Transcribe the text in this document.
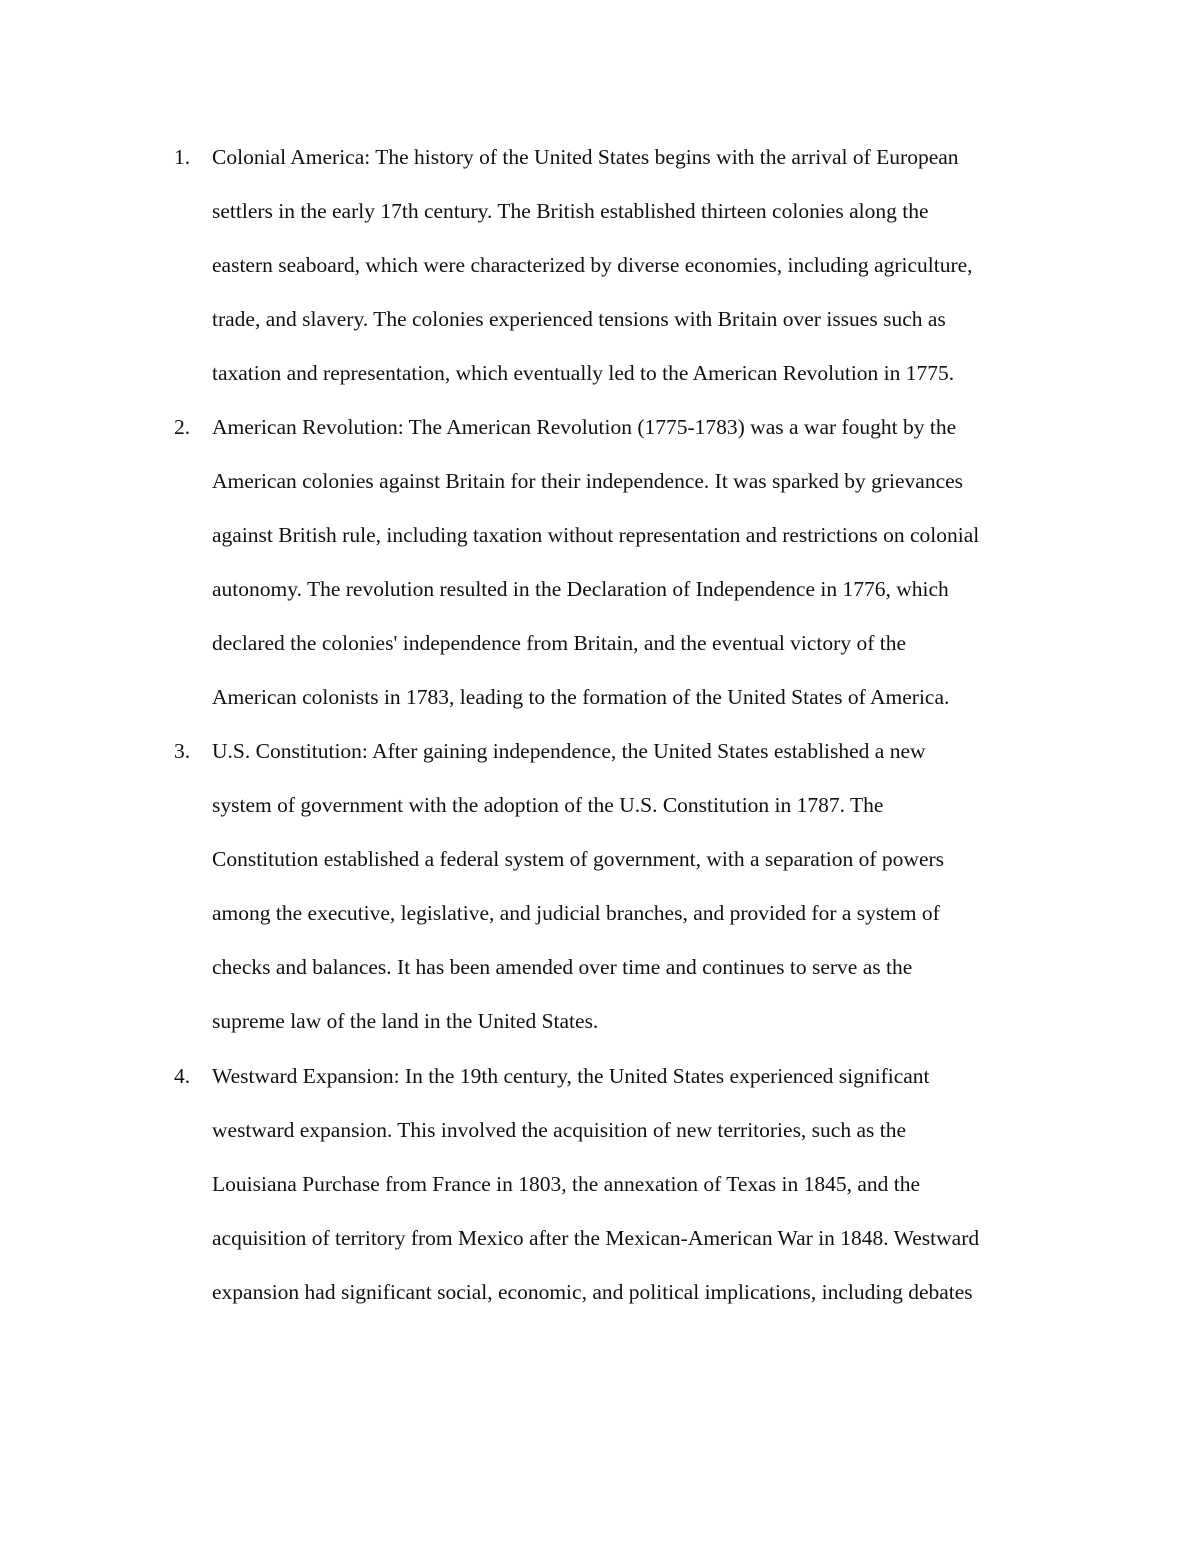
1. Colonial America: The history of the United States begins with the arrival of European
settlers in the early 17th century. The British established thirteen colonies along the
eastern seaboard, which were characterized by diverse economies, including agriculture,
trade, and slavery. The colonies experienced tensions with Britain over issues such as
taxation and representation, which eventually led to the American Revolution in 1775.
2. American Revolution: The American Revolution (1775-1783) was a war fought by the
American colonies against Britain for their independence. It was sparked by grievances
against British rule, including taxation without representation and restrictions on colonial
autonomy. The revolution resulted in the Declaration of Independence in 1776, which
declared the colonies' independence from Britain, and the eventual victory of the
American colonists in 1783, leading to the formation of the United States of America.
3. U.S. Constitution: After gaining independence, the United States established a new
system of government with the adoption of the U.S. Constitution in 1787. The
Constitution established a federal system of government, with a separation of powers
among the executive, legislative, and judicial branches, and provided for a system of
checks and balances. It has been amended over time and continues to serve as the
supreme law of the land in the United States.
4. Westward Expansion: In the 19th century, the United States experienced significant
westward expansion. This involved the acquisition of new territories, such as the
Louisiana Purchase from France in 1803, the annexation of Texas in 1845, and the
acquisition of territory from Mexico after the Mexican-American War in 1848. Westward
expansion had significant social, economic, and political implications, including debates
